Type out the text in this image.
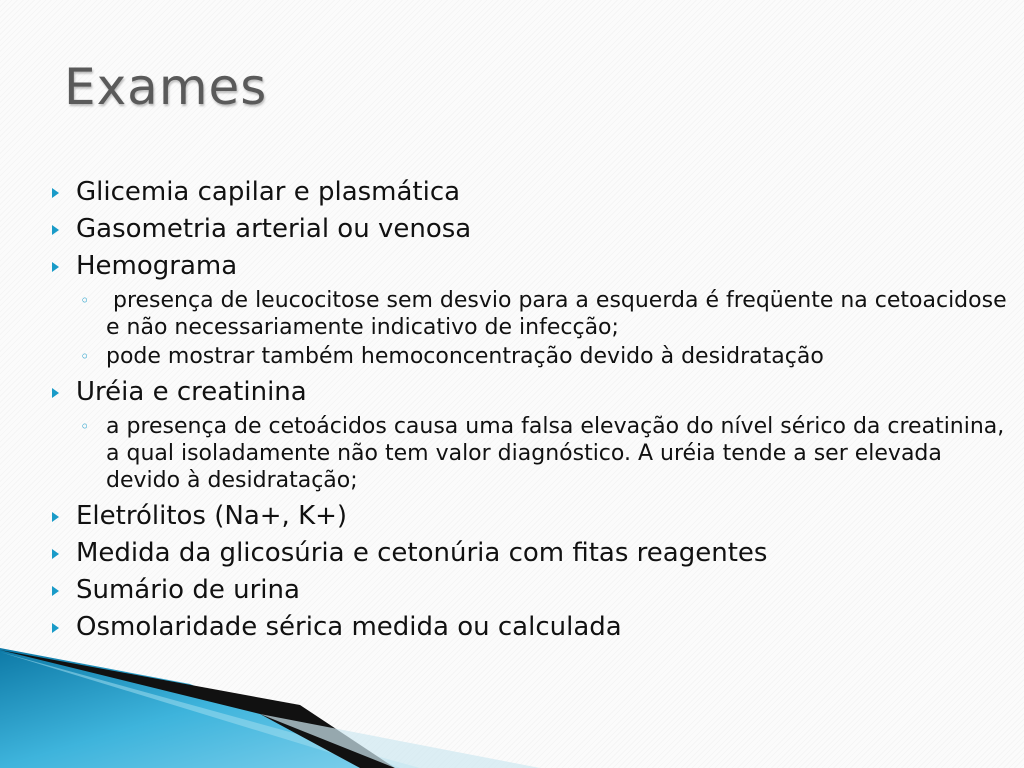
Exames
Glicemia capilar e plasmática
Gasometria arterial ou venosa
Hemograma
◦ presença de leucocitose sem desvio para a esquerda é freqüente na cetoacidose e não necessariamente indicativo de infecção;
◦ pode mostrar também hemoconcentração devido à desidratação
Uréia e creatinina
◦ a presença de cetoácidos causa uma falsa elevação do nível sérico da creatinina, a qual isoladamente não tem valor diagnóstico. A uréia tende a ser elevada devido à desidratação;
Eletrólitos (Na+, K+)
Medida da glicosúria e cetonúria com fitas reagentes
Sumário de urina
Osmolaridade sérica medida ou calculada
